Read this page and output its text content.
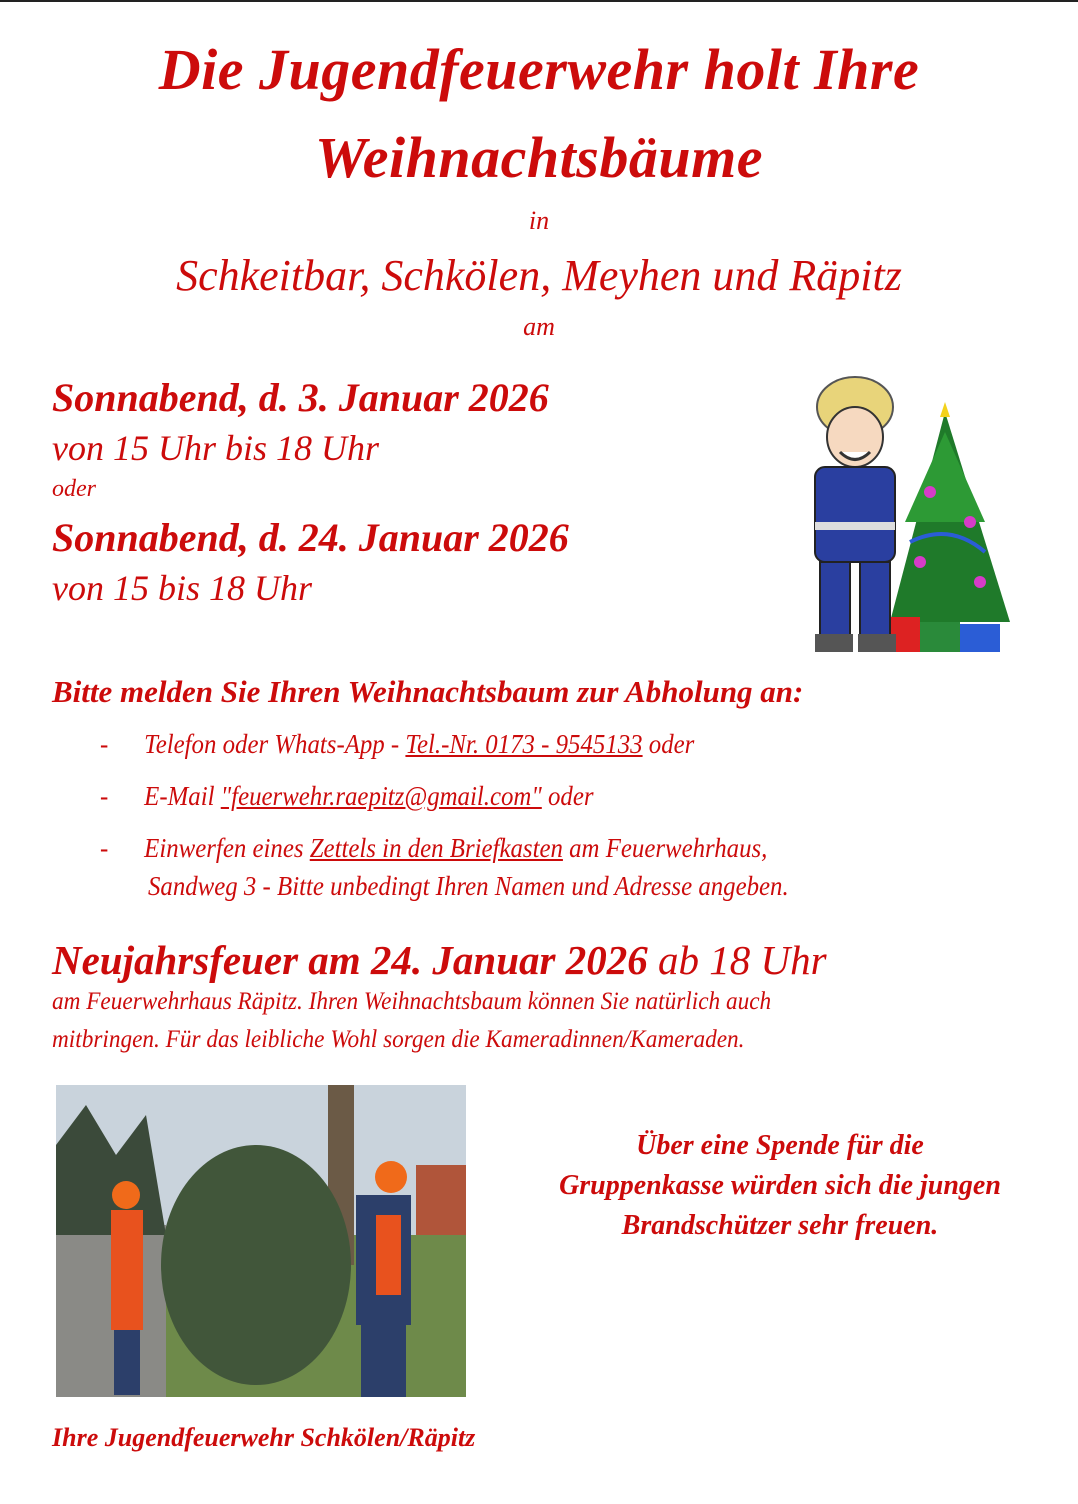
Die Jugendfeuerwehr holt Ihre
Weihnachtsbäume
in
Schkeitbar, Schkölen, Meyhen und Räpitz
am
Sonnabend, d. 3. Januar 2026
von 15 Uhr bis 18 Uhr
oder
Sonnabend, d. 24. Januar 2026
von 15 bis 18 Uhr
Bitte melden Sie Ihren Weihnachtsbaum zur Abholung an:
- Telefon oder Whats-App - Tel.-Nr. 0173 - 9545133 oder
- E-Mail "feuerwehr.raepitz@gmail.com" oder
- Einwerfen eines Zettels in den Briefkasten am Feuerwehrhaus,
Sandweg 3 - Bitte unbedingt Ihren Namen und Adresse angeben.
Neujahrsfeuer am 24. Januar 2026 ab 18 Uhr
am Feuerwehrhaus Räpitz. Ihren Weihnachtsbaum können Sie natürlich auch
mitbringen. Für das leibliche Wohl sorgen die Kameradinnen/Kameraden.
Über eine Spende für die
Gruppenkasse würden sich die jungen
Brandschützer sehr freuen.
Ihre Jugendfeuerwehr Schkölen/Räpitz
